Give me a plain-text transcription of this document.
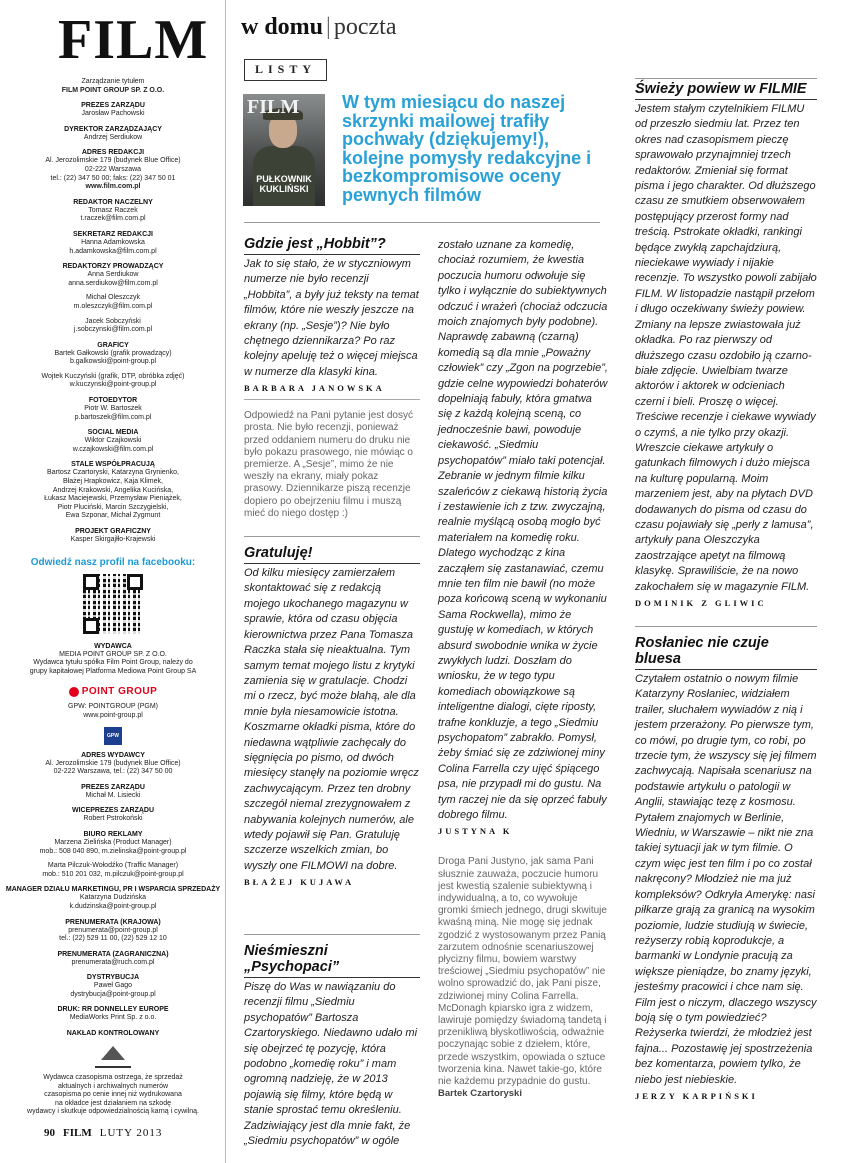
FILM
Zarządzanie tytułem
FILM POINT GROUP SP. Z O.O.
PREZES ZARZĄDU
Jarosław Pachowski
DYREKTOR ZARZĄDZAJĄCY
Andrzej Serdiukow
ADRES REDAKCJI
Al. Jerozolimskie 179 (budynek Blue Office)
02-222 Warszawa
tel.: (22) 347 50 00; faks: (22) 347 50 01
www.film.com.pl
REDAKTOR NACZELNY
Tomasz Raczek
t.raczek@film.com.pl
SEKRETARZ REDAKCJI
Hanna Adamkowska
h.adamkowska@film.com.pl
REDAKTORZY PROWADZĄCY
Anna Serdiukow
anna.serdiukow@film.com.pl
Michał Oleszczyk
m.oleszczyk@film.com.pl
Jacek Sobczyński
j.sobczynski@film.com.pl
GRAFICY
Bartek Gałkowski (grafik prowadzący)
b.galkowski@point-group.pl
Wojtek Kuczyński (grafik, DTP, obróbka zdjęć)
w.kuczynski@point-group.pl
FOTOEDYTOR
Piotr W. Bartoszek
p.bartoszek@film.com.pl
SOCIAL MEDIA
Wiktor Czajkowski
w.czajkowski@film.com.pl
STALE WSPÓŁPRACUJĄ
Bartosz Czartoryski, Katarzyna Grynienko,
Błażej Hrapkowicz, Kaja Klimek,
Andrzej Krakowski, Angelika Kucińska,
Łukasz Maciejewski, Przemysław Pieniążek,
Piotr Pluciński, Marcin Szczygielski,
Ewa Szponar, Michał Zygmunt
PROJEKT GRAFICZNY
Kasper Skirgajłło-Krajewski
Odwiedź nasz profil na facebooku:
WYDAWCA
MEDIA POINT GROUP SP. Z O.O.
Wydawca tytułu spółka Film Point Group, należy do
grupy kapitałowej Platforma Mediowa Point Group SA
POINT GROUP
GPW: POINTGROUP (PGM)
www.point-group.pl
GPW
ADRES WYDAWCY
Al. Jerozolimskie 179 (budynek Blue Office)
02-222 Warszawa, tel.: (22) 347 50 00
PREZES ZARZĄDU
Michał M. Lisiecki
WICEPREZES ZARZĄDU
Robert Pstrokoński
BIURO REKLAMY
Marzena Zielińska (Product Manager)
mob.: 508 040 890, m.zielinska@point-group.pl
Marta Pilczuk-Wołodźko (Traffic Manager)
mob.: 510 201 032, m.pilczuk@point-group.pl
MANAGER DZIAŁU MARKETINGU, PR I WSPARCIA SPRZEDAŻY
Katarzyna Dudzińska
k.dudzinska@point-group.pl
PRENUMERATA (KRAJOWA)
prenumerata@point-group.pl
tel.: (22) 529 11 00, (22) 529 12 10
PRENUMERATA (ZAGRANICZNA)
prenumerata@ruch.com.pl
DYSTRYBUCJA
Paweł Gago
dystrybucja@point-group.pl
DRUK: RR DONNELLEY EUROPE
MediaWorks Print Sp. z o.o.
NAKŁAD KONTROLOWANY
Wydawca czasopisma ostrzega, że sprzedaż
aktualnych i archiwalnych numerów
czasopisma po cenie innej niż wydrukowana
na okładce jest działaniem na szkodę
wydawcy i skutkuje odpowiedzialnością karną i cywilną.
90 FILM LUTY 2013
w domu | poczta
LISTY
FILM
PUŁKOWNIK KUKLIŃSKI
W tym miesiącu do naszej skrzynki mailowej trafiły pochwały (dziękujemy!), kolejne pomysły redakcyjne i bezkompromisowe oceny pewnych filmów
Gdzie jest „Hobbit”?
Jak to się stało, że w styczniowym numerze nie było recenzji „Hobbita”, a były już teksty na temat filmów, które nie weszły jeszcze na ekrany (np. „Sesje”)? Nie było chętnego dziennikarza? Po raz kolejny apeluję też o więcej miejsca w numerze dla klasyki kina.
BARBARA JANOWSKA
Odpowiedź na Pani pytanie jest dosyć prosta. Nie było recenzji, ponieważ przed oddaniem numeru do druku nie było pokazu prasowego, nie mówiąc o premierze. A „Sesje”, mimo że nie weszły na ekrany, miały pokaz prasowy. Dziennikarze piszą recenzje dopiero po obejrzeniu filmu i muszą mieć do niego dostęp :)
Gratuluję!
Od kilku miesięcy zamierzałem skontaktować się z redakcją mojego ukochanego magazynu w sprawie, która od czasu objęcia kierownictwa przez Pana Tomasza Raczka stała się nieaktualna. Tym samym temat mojego listu z krytyki zamienia się w gratulacje. Chodzi mi o rzecz, być może błahą, ale dla mnie była niesamowicie istotna. Koszmarne okładki pisma, które do niedawna wątpliwie zachęcały do sięgnięcia po pismo, od dwóch miesięcy stanęły na poziomie wręcz zachwycającym. Przez ten drobny szczegół niemal zrezygnowałem z nabywania kolejnych numerów, ale wtedy pojawił się Pan. Gratuluję szczerze wszelkich zmian, bo wyszły one FILMOWI na dobre.
BŁAŻEJ KUJAWA
Nieśmieszni „Psychopaci”
Piszę do Was w nawiązaniu do recenzji filmu „Siedmiu psychopatów” Bartosza Czartoryskiego. Niedawno udało mi się obejrzeć tę pozycję, która podobno „komedię roku” i mam ogromną nadzieję, że w 2013 pojawią się filmy, które będą w stanie sprostać temu określeniu. Zadziwiający jest dla mnie fakt, że „Siedmiu psychopatów” w ogóle
zostało uznane za komedię, chociaż rozumiem, że kwestia poczucia humoru odwołuje się tylko i wyłącznie do subiektywnych odczuć i wrażeń (chociaż odczucia moich znajomych były podobne). Naprawdę zabawną (czarną) komedią są dla mnie „Poważny człowiek” czy „Zgon na pogrzebie”, gdzie celne wypowiedzi bohaterów dopełniają fabuły, która gmatwa się z każdą kolejną sceną, co jednocześnie bawi, powoduje ciekawość. „Siedmiu psychopatów” miało taki potencjał. Zebranie w jednym filmie kilku szaleńców z ciekawą historią życia i zestawienie ich z tzw. zwyczajną, realnie myślącą osobą mogło być materiałem na komedię roku. Dlatego wychodząc z kina zacząłem się zastanawiać, czemu mnie ten film nie bawił (no może poza końcową sceną w wykonaniu Sama Rockwella), mimo że gustuję w komediach, w których absurd swobodnie wnika w życie zwykłych ludzi. Doszłam do wniosku, że w tego typu komediach obowiązkowe są inteligentne dialogi, cięte riposty, trafne konkluzje, a tego „Siedmiu psychopatom” zabrakło. Pomysł, żeby śmiać się ze zdziwionej miny Colina Farrella czy ujęć śpiącego psa, nie przypadł mi do gustu. Na tym raczej nie da się oprzeć fabuły dobrego filmu.
JUSTYNA K
Droga Pani Justyno, jak sama Pani słusznie zauważa, poczucie humoru jest kwestią szalenie subiektywną i indywidualną, a to, co wywołuje gromki śmiech jednego, drugi skwituje kwaśną miną. Nie mogę się jednak zgodzić z wystosowanym przez Panią zarzutem odnośnie scenariuszowej płycizny filmu, bowiem warstwy treściowej „Siedmiu psychopatów” nie wolno sprowadzić do, jak Pani pisze, zdziwionej miny Colina Farrella. McDonagh kpiarsko igra z widzem, lawiruje pomiędzy świadomą tandetą i przenikliwą błyskotliwością, odważnie poczynając sobie z dziełem, które, przede wszystkim, opowiada o sztuce tworzenia kina. Nawet takie-go, które nie każdemu przypadnie do gustu.
Bartek Czartoryski
Świeży powiew w FILMIE
Jestem stałym czytelnikiem FILMU od przeszło siedmiu lat. Przez ten okres nad czasopismem pieczę sprawowało przynajmniej trzech redaktorów. Zmieniał się format pisma i jego charakter. Od dłuższego czasu ze smutkiem obserwowałem postępujący przerost formy nad treścią. Pstrokate okładki, rankingi będące zwykłą zapchajdziurą, nieciekawe wywiady i nijakie recenzje. To wszystko powoli zabijało FILM. W listopadzie nastąpił przełom i długo oczekiwany świeży powiew. Zmiany na lepsze zwiastowała już okładka. Po raz pierwszy od dłuższego czasu ozdobiło ją czarno-białe zdjęcie. Uwielbiam twarze aktorów i aktorek w odcieniach czerni i bieli. Proszę o więcej. Treściwe recenzje i ciekawe wywiady o czymś, a nie tylko przy okazji. Wreszcie ciekawe artykuły o gatunkach filmowych i dużo miejsca na kulturę popularną. Moim marzeniem jest, aby na płytach DVD dodawanych do pisma od czasu do czasu pojawiały się „perły z lamusa”, artykuły pana Oleszczyka zaostrzające apetyt na filmową klasykę. Sprawiliście, że na nowo zakochałem się w magazynie FILM.
DOMINIK Z GLIWIC
Rosłaniec nie czuje bluesa
Czytałem ostatnio o nowym filmie Katarzyny Rosłaniec, widziałem trailer, słuchałem wywiadów z nią i jestem przerażony. Po pierwsze tym, co mówi, po drugie tym, co robi, po trzecie tym, że wszyscy się jej filmem zachwycają. Napisała scenariusz na podstawie artykułu o patologii w Anglii, stawiając tezę z kosmosu. Pytałem znajomych w Berlinie, Wiedniu, w Warszawie – nikt nie zna takiej sytuacji jak w tym filmie. O czym więc jest ten film i po co został nakręcony? Młodzież nie ma już kompleksów? Odkryła Amerykę: nasi piłkarze grają za granicą na wysokim poziomie, ludzie studiują w świecie, reżyserzy robią koprodukcje, a barmanki w Londynie pracują za większe pieniądze, bo znamy języki, jesteśmy pracowici i chce nam się. Film jest o niczym, dlaczego wszyscy boją się o tym powiedzieć? Reżyserka twierdzi, że młodzież jest fajna... Pozostawię jej spostrzeżenia bez komentarza, powiem tylko, że niebo jest niebieskie.
JERZY KARPIŃSKI
